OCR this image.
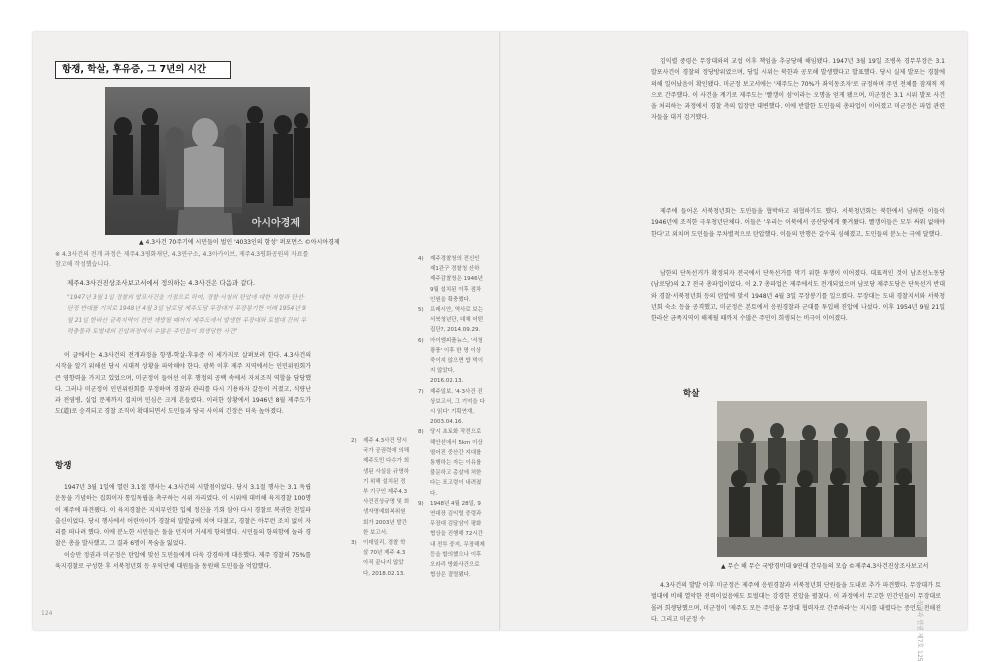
항쟁, 학살, 후유증, 그 7년의 시간
아시아경제
▲ 4.3사건 70주기에 시민들이 벌인 '4033인의 함성' 퍼포먼스 ©아시아경제
※ 4.3사건의 전개 과정은 제주4.3평화재단, 4.3연구소, 4.3아카이브, 제주4.3평화공원의 자료를 참고해 작성했습니다.
제주4.3사건진상조사보고서에서 정의하는 4.3사건은 다음과 같다.
"1947년 3월 1일 경찰의 발포사건을 기점으로 하여, 경찰·서청의 탄압에 대한 저항과 단선·단정 반대를 기치로 1948년 4월 3일 남로당 제주도당 무장대가 무장봉기한 이래 1954년 9월 21일 한라산 금족지역이 전면 개방될 때까지 제주도에서 발생한 무장대와 토벌대 간의 무력충돌과 토벌대의 진압과정에서 수많은 주민들이 희생당한 사건"

이 글에서는 4.3사건의 전개과정을 항쟁-학살-후유증 이 세가지로 살펴보려 한다. 4.3사건의 시작을 알기 위해선 당시 시대적 상황을 파악해야 한다. 광복 이후 제주 지역에서는 인민위원회가 큰 영향력을 가지고 있었으며, 미군정이 들어선 이후 행정의 공백 속에서 자치조직 역할을 담당했다. 그러나 미군정이 인민위원회를 부정하며 경찰과 관리를 다시 기용하자 갈등이 커졌고, 식량난과 전염병, 실업 문제까지 겹치며 민심은 크게 흔들렸다. 이러한 상황에서 1946년 8월 제주도가 도(道)로 승격되고 경찰 조직이 확대되면서 도민들과 당국 사이의 긴장은 더욱 높아졌다.

항쟁

1947년 3월 1일에 열린 3.1절 행사는 4.3사건의 시발점이었다. 당시 3.1절 행사는 3.1 독립운동을 기념하는 집회이자 통일독립을 촉구하는 시위 자리였다. 이 시위에 대비해 육지경찰 100명이 제주에 파견됐다. 이 육지경찰은 지치부인한 입체 정신을 기회 삼아 다시 경찰로 복귀한 친일파 출신이었다. 당시 행사에서 어린아이가 경찰의 말발굽에 치여 다쳤고, 경찰은 아무런 조치 없이 자리를 떠나려 했다. 이에 분노한 시민들은 돌을 던지며 거세게 항의했다. 시민들의 항의함에 놀라 경찰은 총을 발사했고, 그 결과 6명이 목숨을 잃었다.

이승만 정권과 미군정은 탄압에 맞선 도민들에게 더욱 강경하게 대응했다. 제주 경찰의 75%를 육지경찰로 구성한 후 서북청년회 등 우익단체 대원들을 동원해 도민들을 억압했다.

2)	제주 4.3사건 당시 국가 공권력에 의해 제주도민 다수가 희생된 사실을 규명하기 위해 설치된 정부 기구인 제주4.3사건진상규명 및 희생자명예회복위원회가 2003년 발간한 보고서.
3)	이데일리, 경찰 학살 70년 제주 4.3 아직 끝나지 않았다, 2018.02.13.
4)	제주경찰청의 전신인 제1관구 경찰청 산하 제주감찰청은 1946년 9월 설치된 이후 점차 인원을 확충했다.
5)	프레시안, 역사로 보는 서북청년단, 대체 어떤 집단?, 2014.09.29.
6)	아이엠피플뉴스, '서청 광풍' 이후 한 명 이상 죽이지 않으면 밥 먹이지 않았다, 2016.02.13.
7)	제주일보, '4·3사건 진상보고서, 그 기억을 다시 읽다' 기획연재, 2003.04.16.
8)	당시 초토화 작전으로 해안선에서 5km 이상 떨어진 중산간 지대를 통행하는 자는 이유를 불문하고 총살에 처한다는 포고령이 내려졌다.
9)	1948년 4월 28일, 9연대장 김익렬 중령과 무장대 김달삼이 평화협상을 진행해 72시간 내 전투 중지, 무장해제 등을 합의했으나 이후 오라리 방화사건으로 협상은 결렬됐다.
124

김익렬 중령은 무장대와의 교섭 이후 책임을 추궁당해 해임됐다. 1947년 3월 19일 조병옥 경무부장은 3.1 발포사건이 경찰의 정당방위였으며, 당일 시위는 북한과 공모해 발생했다고 발표했다. 당시 실제 발포는 경찰에 의해 일어났음이 확인됐다. 미군정 보고서에는 '제주도는 70%가 좌익동조자'로 규정하며 주민 전체를 잠재적 적으로 간주했다. 이 사건을 계기로 제주도는 '빨갱이 섬'이라는 오명을 얻게 됐으며, 미군정은 3.1 시위 발포 사건을 처리하는 과정에서 경찰 측의 입장만 대변했다. 이에 반발한 도민들의 총파업이 이어졌고 미군정은 파업 관련자들을 대거 검거했다.

제주에 들어온 서북청년회는 도민들을 협박하고 위협하기도 했다. 서북청년회는 북한에서 남하한 이들이 1946년에 조직한 극우청년단체다. 이들은 '우리는 이북에서 공산당에게 쫓겨왔다. 빨갱이들은 모두 싸워 없애야 한다'고 외치며 도민들을 무차별적으로 탄압했다. 이들의 만행은 갈수록 심해졌고, 도민들의 분노는 극에 달했다.

남한의 단독선거가 확정되자 전국에서 단독선거를 막기 위한 투쟁이 이어졌다. 대표적인 것이 남조선노동당(남로당)의 2.7 전국 총파업이었다. 이 2.7 총파업은 제주에서도 전개되었으며 남로당 제주도당은 단독선거 반대와 경찰·서북청년회 등의 탄압에 맞서 1948년 4월 3일 무장봉기를 일으켰다. 무장대는 도내 경찰지서와 서북청년회 숙소 등을 공격했고, 미군정은 본토에서 응원경찰과 군대를 투입해 진압에 나섰다. 이후 1954년 9월 21일 한라산 금족지역이 해제될 때까지 수많은 주민이 희생되는 비극이 이어졌다.

학살
▲ 무슨 해 무슨 국방경비대 9연대 간부들의 모습 ©제주4.3사건진상조사보고서

4.3사건의 발발 이후 미군정은 제주에 응원경찰과 서북청년회 단원들을 도내로 추가 파견했다. 무장대가 토벌대에 비해 열악한 전력이었음에도 토벌대는 강경한 진압을 펼쳤다. 이 과정에서 무고한 민간인들이 무장대로 몰려 희생당했으며, 미군정이 '제주도 모든 주민을 무장대 협력자로 간주하라'는 지시를 내렸다는 증언도 전해진다. 그리고 미군정 수	공익과 인권 제7호 125
